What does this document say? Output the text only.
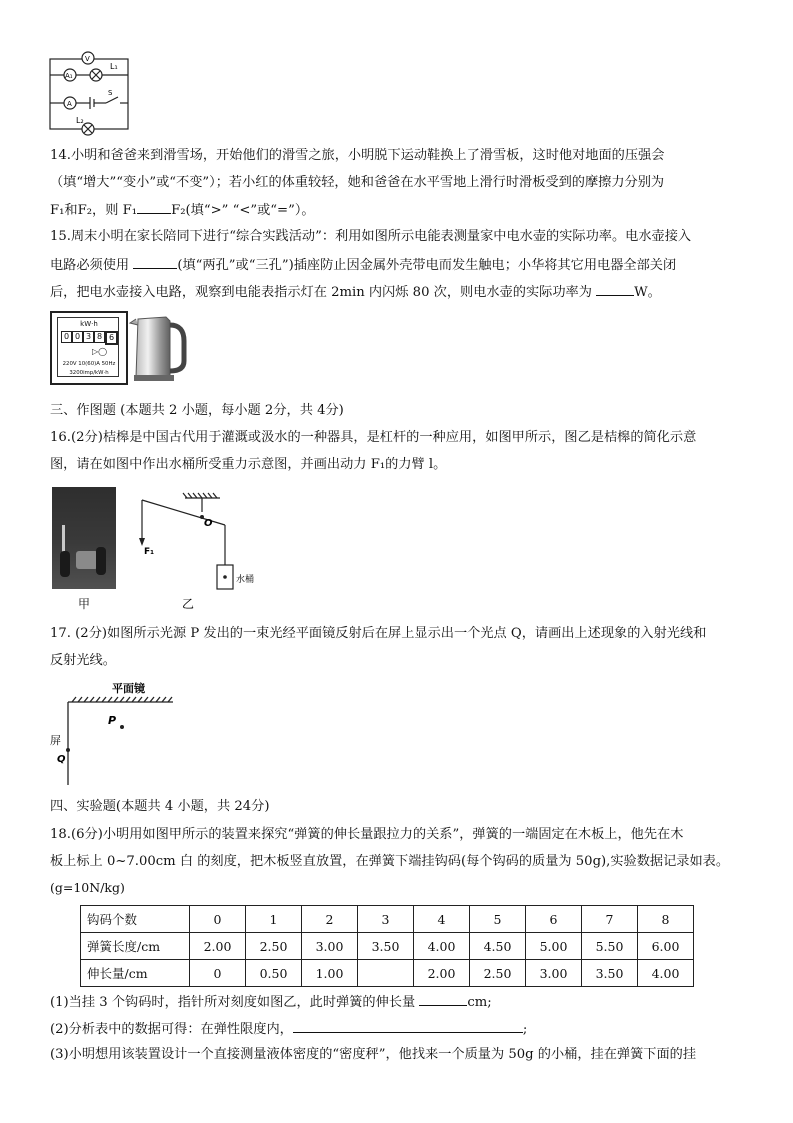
V
A₁
A
L₁
L₂
S
14.小明和爸爸来到滑雪场，开始他们的滑雪之旅，小明脱下运动鞋换上了滑雪板，这时他对地面的压强会
（填“增大”“变小”或“不变”）；若小红的体重较轻，她和爸爸在水平雪地上滑行时滑板受到的摩擦力分别为
F₁和F₂，则 F₁	F₂(填“>” “<”或“=”）。
15.周末小明在家长陪同下进行“综合实践活动”：利用如图所示电能表测量家中电水壶的实际功率。电水壶接入
电路必须使用	(填“两孔”或“三孔”)插座防止因金属外壳带电而发生触电；小华将其它用电器全部关闭
后，把电水壶接入电路，观察到电能表指示灯在 2min 内闪烁 80 次，则电水壶的实际功率为	W。
kW·h
0 0 3 8 6
▷◯
220V 10(60)A 50Hz
3200imp/kW·h
三、作图题 (本题共 2 小题，每小题 2分，共 4分)
16.(2分)桔槔是中国古代用于灌溉或汲水的一种器具，是杠杆的一种应用，如图甲所示，图乙是桔槔的简化示意
图，请在如图中作出水桶所受重力示意图，并画出动力 F₁的力臂 l。
甲
O
F₁
水桶
乙
17. (2分)如图所示光源 P 发出的一束光经平面镜反射后在屏上显示出一个光点 Q，请画出上述现象的入射光线和
反射光线。
平面镜
P
屏
Q
四、实验题(本题共 4 小题，共 24分)
18.(6分)小明用如图甲所示的装置来探究“弹簧的伸长量跟拉力的关系”，弹簧的一端固定在木板上，他先在木
板上标上 0~7.00cm 白 的刻度，把木板竖直放置，在弹簧下端挂钩码(每个钩码的质量为 50g),实验数据记录如表。
(g=10N/kg)
钩码个数	0	1	2	3	4	5	6	7	8
弹簧长度/cm	2.00	2.50	3.00	3.50	4.00	4.50	5.00	5.50	6.00
伸长量/cm	0	0.50	1.00		2.00	2.50	3.00	3.50	4.00
(1)当挂 3 个钩码时，指针所对刻度如图乙，此时弹簧的伸长量	cm;
(2)分析表中的数据可得：在弹性限度内，	;
(3)小明想用该装置设计一个直接测量液体密度的“密度秤”，他找来一个质量为 50g 的小桶，挂在弹簧下面的挂
